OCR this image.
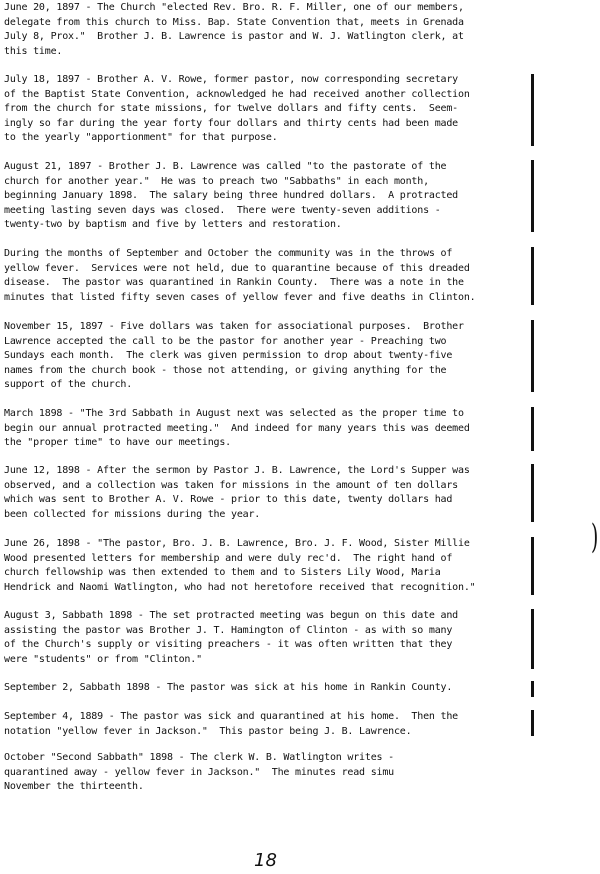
June 20, 1897 - The Church "elected Rev. Bro. R. F. Miller, one of our members,
delegate from this church to Miss. Bap. State Convention that, meets in Grenada
July 8, Prox."  Brother J. B. Lawrence is pastor and W. J. Watlington clerk, at
this time.

July 18, 1897 - Brother A. V. Rowe, former pastor, now corresponding secretary
of the Baptist State Convention, acknowledged he had received another collection
from the church for state missions, for twelve dollars and fifty cents.  Seem-
ingly so far during the year forty four dollars and thirty cents had been made
to the yearly "apportionment" for that purpose.

August 21, 1897 - Brother J. B. Lawrence was called "to the pastorate of the
church for another year."  He was to preach two "Sabbaths" in each month,
beginning January 1898.  The salary being three hundred dollars.  A protracted
meeting lasting seven days was closed.  There were twenty-seven additions -
twenty-two by baptism and five by letters and restoration.

During the months of September and October the community was in the throws of
yellow fever.  Services were not held, due to quarantine because of this dreaded
disease.  The pastor was quarantined in Rankin County.  There was a note in the
minutes that listed fifty seven cases of yellow fever and five deaths in Clinton.

November 15, 1897 - Five dollars was taken for associational purposes.  Brother
Lawrence accepted the call to be the pastor for another year - Preaching two
Sundays each month.  The clerk was given permission to drop about twenty-five
names from the church book - those not attending, or giving anything for the
support of the church.

March 1898 - "The 3rd Sabbath in August next was selected as the proper time to
begin our annual protracted meeting."  And indeed for many years this was deemed
the "proper time" to have our meetings.

June 12, 1898 - After the sermon by Pastor J. B. Lawrence, the Lord's Supper was
observed, and a collection was taken for missions in the amount of ten dollars
which was sent to Brother A. V. Rowe - prior to this date, twenty dollars had
been collected for missions during the year.

June 26, 1898 - "The pastor, Bro. J. B. Lawrence, Bro. J. F. Wood, Sister Millie
Wood presented letters for membership and were duly rec'd.  The right hand of
church fellowship was then extended to them and to Sisters Lily Wood, Maria
Hendrick and Naomi Watlington, who had not heretofore received that recognition."

August 3, Sabbath 1898 - The set protracted meeting was begun on this date and
assisting the pastor was Brother J. T. Hamington of Clinton - as with so many
of the Church's supply or visiting preachers - it was often written that they
were "students" or from "Clinton."

September 2, Sabbath 1898 - The pastor was sick at his home in Rankin County.

September 4, 1889 - The pastor was sick and quarantined at his home.  Then the
notation "yellow fever in Jackson."  This pastor being J. B. Lawrence.

October "Second Sabbath" 1898 - The clerk W. B. Watlington writes -
quarantined away - yellow fever in Jackson."  The minutes read simu
November the thirteenth.

)
18
